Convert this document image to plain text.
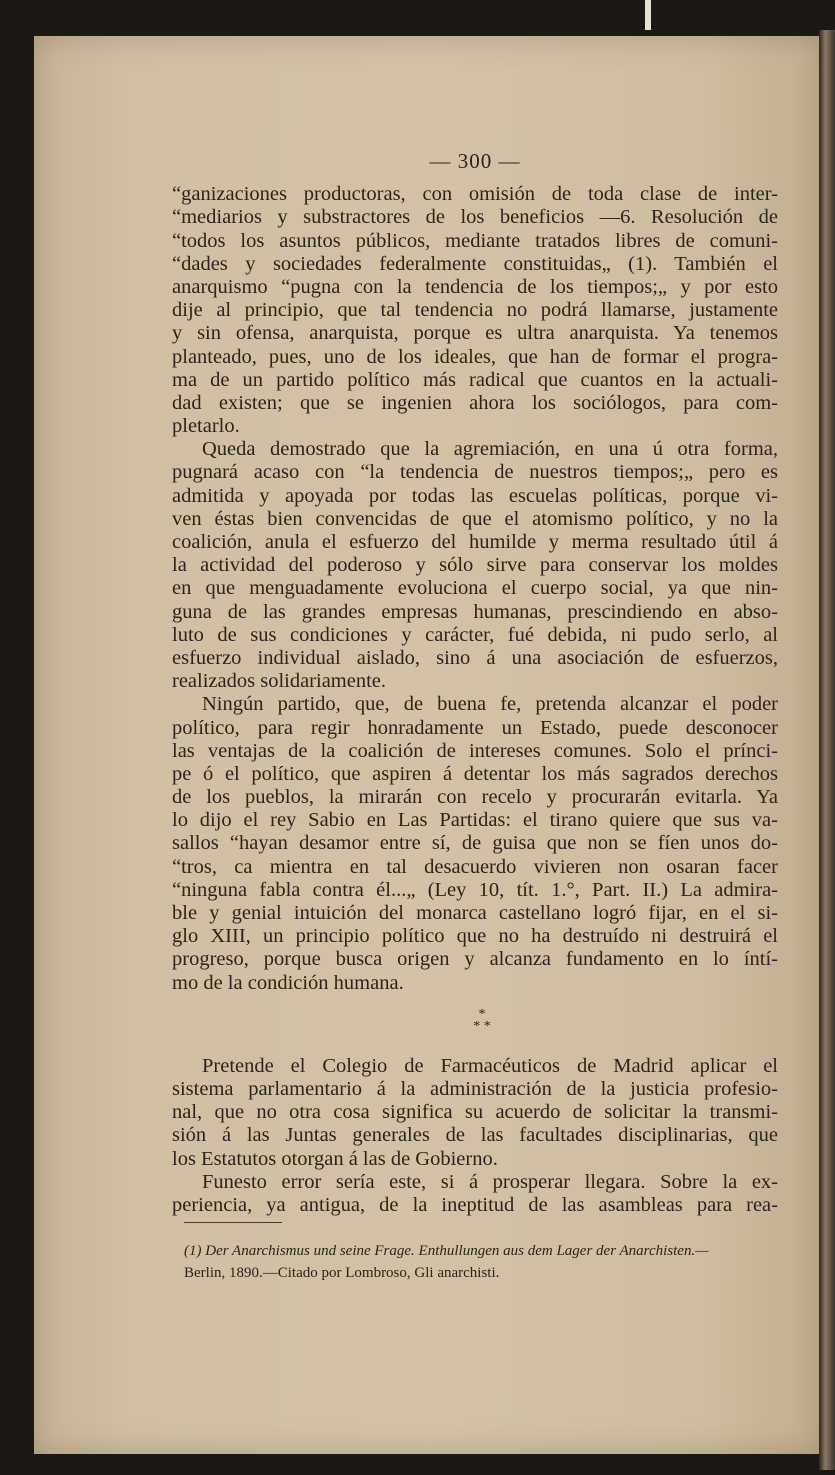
— 300 —
“ganizaciones productoras, con omisión de toda clase de inter-
“mediarios y substractores de los beneficios —6. Resolución de
“todos los asuntos públicos, mediante tratados libres de comuni-
“dades y sociedades federalmente constituidas„ (1). También el
anarquismo “pugna con la tendencia de los tiempos;„ y por esto
dije al principio, que tal tendencia no podrá llamarse, justamente
y sin ofensa, anarquista, porque es ultra anarquista. Ya tenemos
planteado, pues, uno de los ideales, que han de formar el progra-
ma de un partido político más radical que cuantos en la actuali-
dad existen; que se ingenien ahora los sociólogos, para com-
pletarlo.
Queda demostrado que la agremiación, en una ú otra forma,
pugnará acaso con “la tendencia de nuestros tiempos;„ pero es
admitida y apoyada por todas las escuelas políticas, porque vi-
ven éstas bien convencidas de que el atomismo político, y no la
coalición, anula el esfuerzo del humilde y merma resultado útil á
la actividad del poderoso y sólo sirve para conservar los moldes
en que menguadamente evoluciona el cuerpo social, ya que nin-
guna de las grandes empresas humanas, prescindiendo en abso-
luto de sus condiciones y carácter, fué debida, ni pudo serlo, al
esfuerzo individual aislado, sino á una asociación de esfuerzos,
realizados solidariamente.
Ningún partido, que, de buena fe, pretenda alcanzar el poder
político, para regir honradamente un Estado, puede desconocer
las ventajas de la coalición de intereses comunes. Solo el prínci-
pe ó el político, que aspiren á detentar los más sagrados derechos
de los pueblos, la mirarán con recelo y procurarán evitarla. Ya
lo dijo el rey Sabio en Las Partidas: el tirano quiere que sus va-
sallos “hayan desamor entre sí, de guisa que non se fíen unos do-
“tros, ca mientra en tal desacuerdo vivieren non osaran facer
“ninguna fabla contra él...„ (Ley 10, tít. 1.°, Part. II.) La admira-
ble y genial intuición del monarca castellano logró fijar, en el si-
glo XIII, un principio político que no ha destruído ni destruirá el
progreso, porque busca origen y alcanza fundamento en lo íntí-
mo de la condición humana.
*
* *
Pretende el Colegio de Farmacéuticos de Madrid aplicar el
sistema parlamentario á la administración de la justicia profesio-
nal, que no otra cosa significa su acuerdo de solicitar la transmi-
sión á las Juntas generales de las facultades disciplinarias, que
los Estatutos otorgan á las de Gobierno.
Funesto error sería este, si á prosperar llegara. Sobre la ex-
periencia, ya antigua, de la ineptitud de las asambleas para rea-
(1) Der Anarchismus und seine Frage. Enthullungen aus dem Lager der Anarchisten.—
Berlin, 1890.—Citado por Lombroso, Gli anarchisti.
